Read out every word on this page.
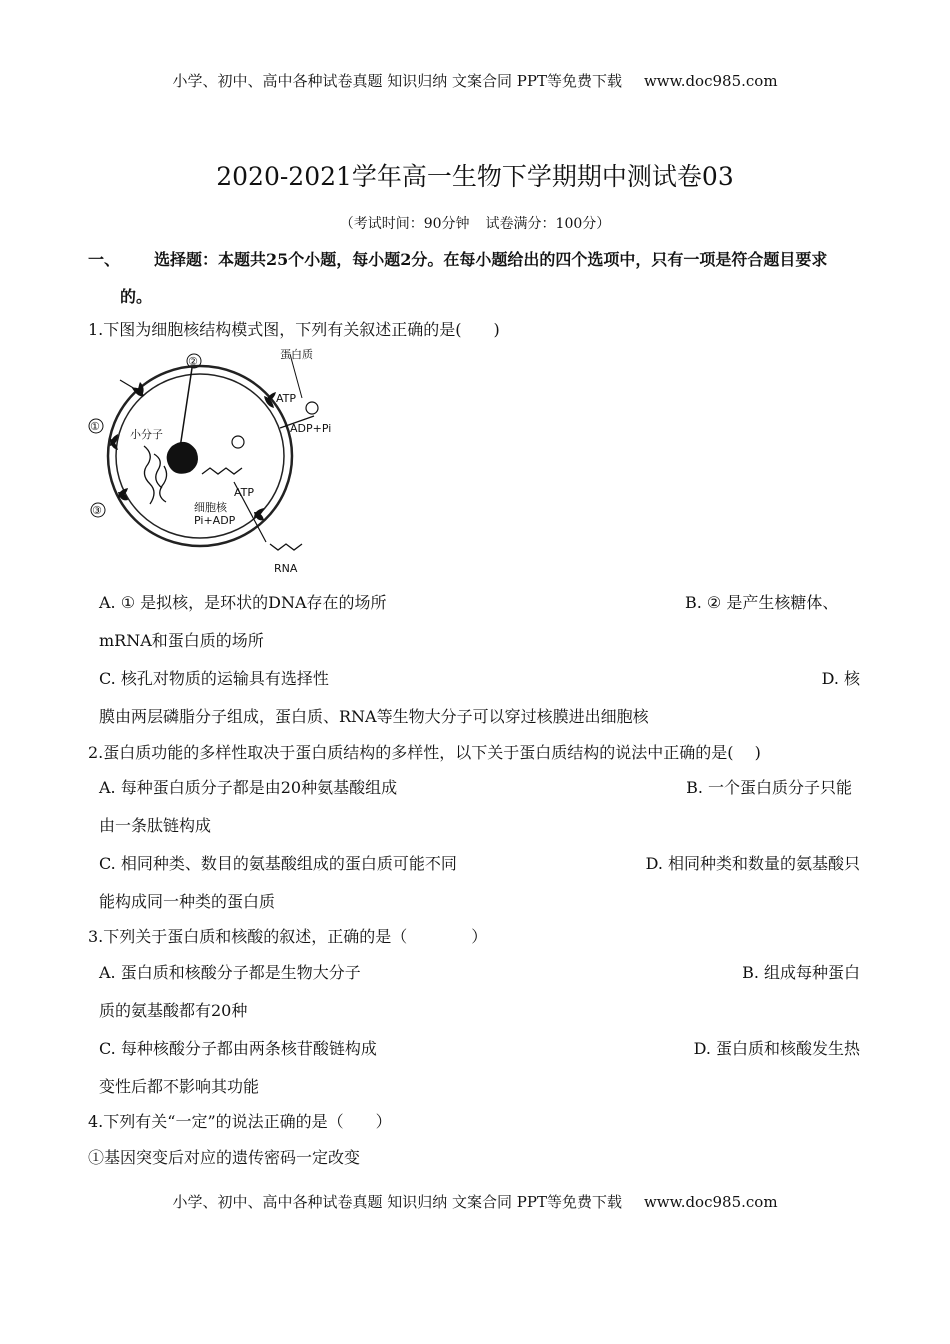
小学、初中、高中各种试卷真题 知识归纳 文案合同 PPT等免费下载 www.doc985.com
2020-2021学年高一生物下学期期中测试卷03
（考试时间：90分钟 试卷满分：100分）
一、 选择题：本题共25个小题，每小题2分。在每小题给出的四个选项中，只有一项是符合题目要求
的。
1.下图为细胞核结构模式图，下列有关叙述正确的是(　　)
②
蛋白质
ATP
ADP+Pi
①
小分子
ATP
③	细胞核
Pi+ADP
RNA
A. ① 是拟核，是环状的DNA存在的场所	B. ② 是产生核糖体、
mRNA和蛋白质的场所
C. 核孔对物质的运输具有选择性	D. 核
膜由两层磷脂分子组成，蛋白质、RNA等生物大分子可以穿过核膜进出细胞核
2.蛋白质功能的多样性取决于蛋白质结构的多样性，以下关于蛋白质结构的说法中正确的是(　 )
A. 每种蛋白质分子都是由20种氨基酸组成	B. 一个蛋白质分子只能
由一条肽链构成
C. 相同种类、数目的氨基酸组成的蛋白质可能不同	D. 相同种类和数量的氨基酸只
能构成同一种类的蛋白质
3.下列关于蛋白质和核酸的叙述，正确的是（　　　　）
A. 蛋白质和核酸分子都是生物大分子	B. 组成每种蛋白
质的氨基酸都有20种
C. 每种核酸分子都由两条核苷酸链构成	D. 蛋白质和核酸发生热
变性后都不影响其功能
4.下列有关“一定”的说法正确的是（　　）
①基因突变后对应的遗传密码一定改变
小学、初中、高中各种试卷真题 知识归纳 文案合同 PPT等免费下载 www.doc985.com
